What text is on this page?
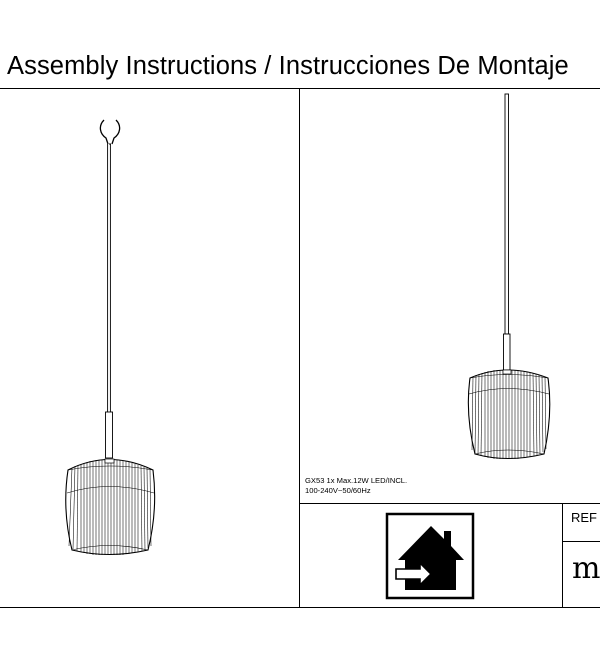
Assembly Instructions / Instrucciones De Montaje
GX53 1x Max.12W LED/INCL.
100-240V~50/60Hz
REF
m
